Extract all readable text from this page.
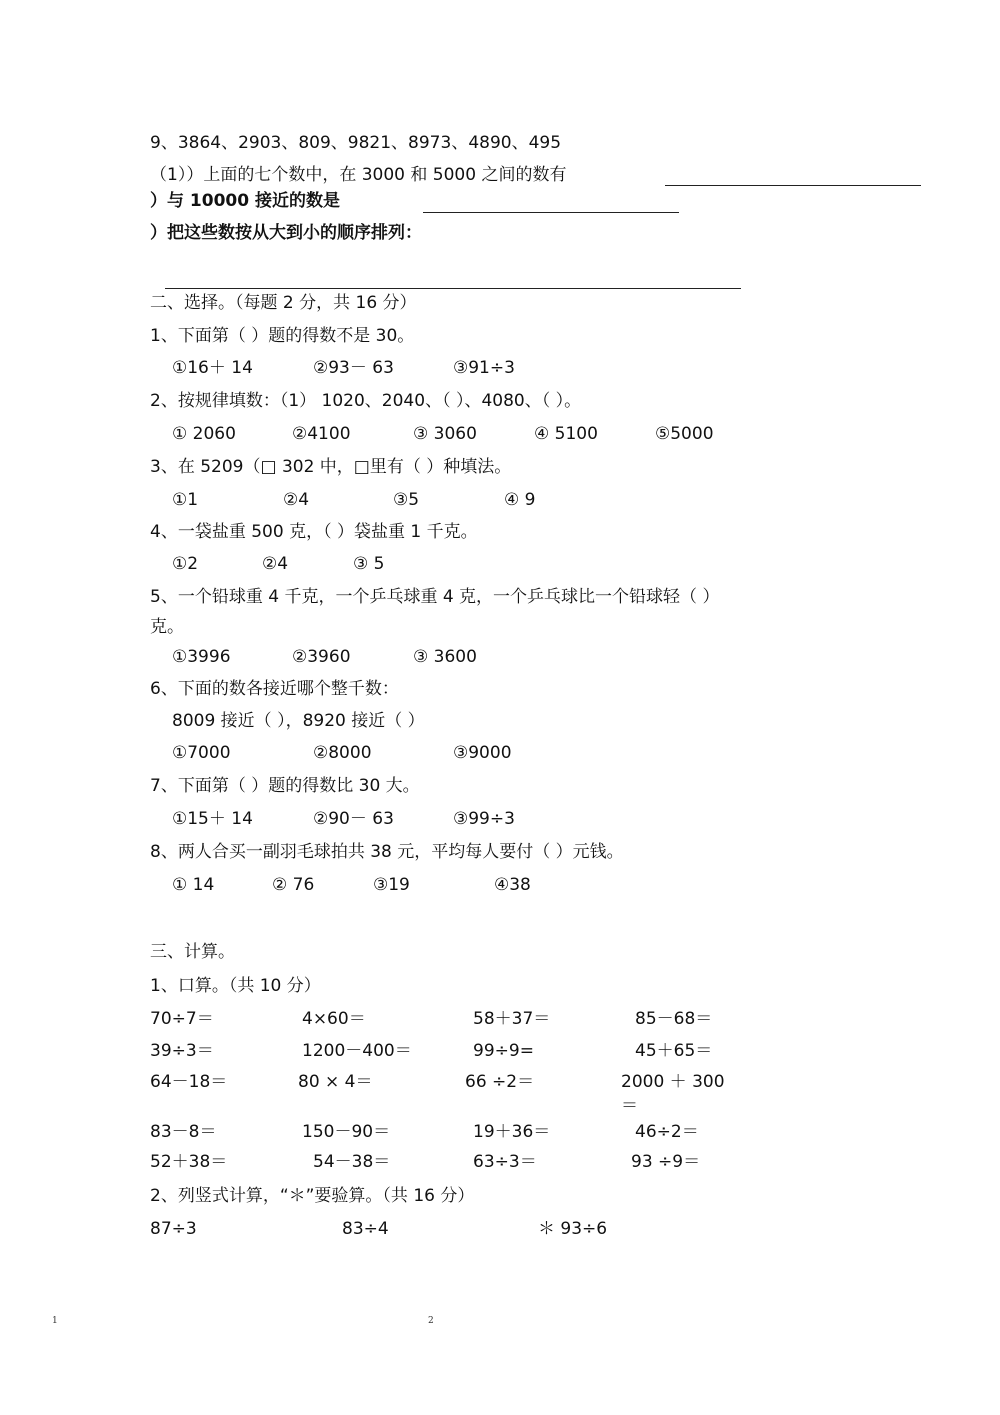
9、3864、2903、809、9821、8973、4890、495
（1））上面的七个数中，在 3000 和 5000 之间的数有
）与 10000 接近的数是
）把这些数按从大到小的顺序排列：
二、选择。（每题 2 分，共 16 分）
1、下面第（ ）题的得数不是 30。
①16＋ 14	②93－ 63	③91÷3
2、按规律填数：（1） 1020、2040、（ ）、4080、（ ）。
① 2060	②4100	③ 3060	④ 5100	⑤5000
3、在 5209（□ 302 中，□里有（ ）种填法。
①1	②4	③5	④ 9
4、一袋盐重 500 克，（ ）袋盐重 1 千克。
①2	②4	③ 5
5、一个铅球重 4 千克，一个乒乓球重 4 克，一个乒乓球比一个铅球轻（ ）
克。
①3996	②3960	③ 3600
6、下面的数各接近哪个整千数：
8009 接近（ ），8920 接近（ ）
①7000	②8000	③9000
7、下面第（ ）题的得数比 30 大。
①15＋ 14	②90－ 63	③99÷3
8、两人合买一副羽毛球拍共 38 元，平均每人要付（ ）元钱。
① 14	② 76	③19	④38
三、计算。
1、口算。（共 10 分）
70÷7＝	4×60＝	58＋37＝	85－68＝
39÷3＝	1200－400＝	99÷9=	45＋65＝
64－18＝	80 × 4＝	66 ÷2＝	2000 ＋ 300
＝
83－8＝	150－90＝	19＋36＝	46÷2＝
52＋38＝	54－38＝	63÷3＝	93 ÷9＝
2、列竖式计算，“＊”要验算。（共 16 分）
87÷3	83÷4	＊ 93÷6
1	2
